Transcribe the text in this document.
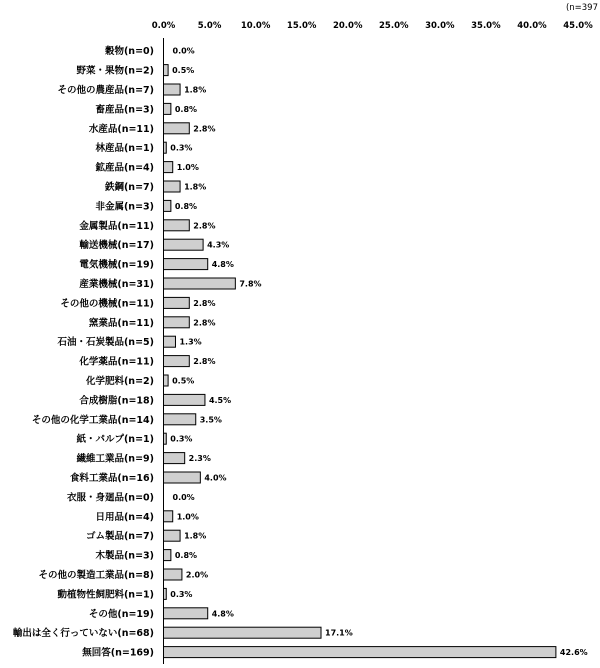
(n=397
0.0%	5.0% 10.0% 15.0% 20.0% 25.0% 30.0% 35.0% 40.0% 45.0%
穀物(n=0) 0.0%
野菜・果物(n=2) 0.5%
その他の農産品(n=7)	1.8%
畜産品(n=3)	0.8%
水産品(n=11)	2.8%
林産品(n=1) 0.3%
鉱産品(n=4)	1.0%
鉄鋼(n=7)	1.8%
非金属(n=3)	0.8%
金属製品(n=11)	2.8%
輸送機械(n=17)	4.3%
電気機械(n=19)	4.8%
産業機械(n=31)	7.8%
その他の機械(n=11)	2.8%
窯業品(n=11)	2.8%
石油・石炭製品(n=5)	1.3%
化学薬品(n=11)	2.8%
化学肥料(n=2) 0.5%
合成樹脂(n=18)	4.5%
その他の化学工業品(n=14)	3.5%
紙・パルプ(n=1) 0.3%
繊維工業品(n=9)	2.3%
食料工業品(n=16)	4.0%
衣服・身廻品(n=0) 0.0%
日用品(n=4)	1.0%
ゴム製品(n=7)	1.8%
木製品(n=3)	0.8%
その他の製造工業品(n=8)	2.0%
動植物性飼肥料(n=1) 0.3%
その他(n=19)	4.8%
輸出は全く行っていない(n=68)	17.1%
無回答(n=169)	42.6%
